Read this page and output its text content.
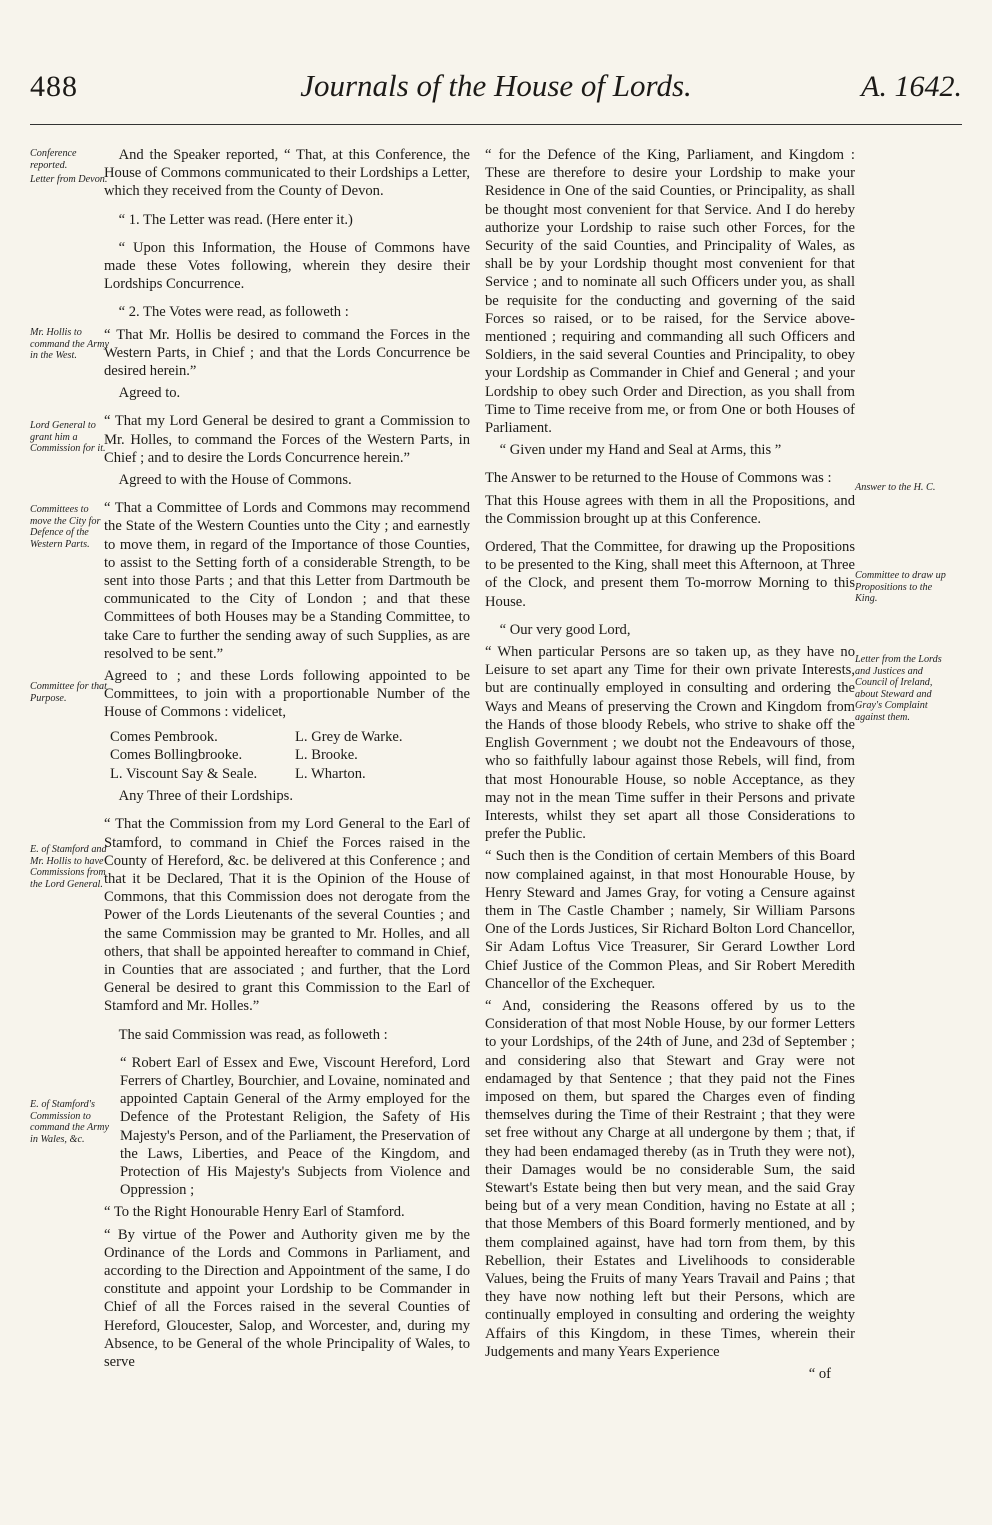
488	Journals of the House of Lords.	A. 1642.
Conference reported.
Letter from Devon.
Mr. Hollis to command the Army in the West.
Lord General to grant him a Commission for it.
Committees to move the City for Defence of the Western Parts.
Committee for that Purpose.
E. of Stamford and Mr. Hollis to have Commissions from the Lord General.
E. of Stamford's Commission to command the Army in Wales, &c.
Answer to the H. C.
Committee to draw up Propositions to the King.
Letter from the Lords and Justices and Council of Ireland, about Steward and Gray's Complaint against them.

And the Speaker reported, “ That, at this Conference, the House of Commons communicated to their Lordships a Letter, which they received from the County of Devon.

“ 1. The Letter was read. (Here enter it.)

“ Upon this Information, the House of Commons have made these Votes following, wherein they desire their Lordships Concurrence.

“ 2. The Votes were read, as followeth :

“ That Mr. Hollis be desired to command the Forces in the Western Parts, in Chief ; and that the Lords Concurrence be desired herein.”

Agreed to.

“ That my Lord General be desired to grant a Commission to Mr. Holles, to command the Forces of the Western Parts, in Chief ; and to desire the Lords Concurrence herein.”

Agreed to with the House of Commons.

“ That a Committee of Lords and Commons may recommend the State of the Western Counties unto the City ; and earnestly to move them, in regard of the Importance of those Counties, to assist to the Setting forth of a considerable Strength, to be sent into those Parts ; and that this Letter from Dartmouth be communicated to the City of London ; and that these Committees of both Houses may be a Standing Committee, to take Care to further the sending away of such Supplies, as are resolved to be sent.”

Agreed to ; and these Lords following appointed to be Committees, to join with a proportionable Number of the House of Commons : videlicet,

Comes Pembrook.
Comes Bollingbrooke.
L. Viscount Say & Seale.
L. Grey de Warke.
L. Brooke.
L. Wharton.

Any Three of their Lordships.

“ That the Commission from my Lord General to the Earl of Stamford, to command in Chief the Forces raised in the County of Hereford, &c. be delivered at this Conference ; and that it be Declared, That it is the Opinion of the House of Commons, that this Commission does not derogate from the Power of the Lords Lieutenants of the several Counties ; and the same Commission may be granted to Mr. Holles, and all others, that shall be appointed hereafter to command in Chief, in Counties that are associated ; and further, that the Lord General be desired to grant this Commission to the Earl of Stamford and Mr. Holles.”

The said Commission was read, as followeth :

“ Robert Earl of Essex and Ewe, Viscount Hereford, Lord Ferrers of Chartley, Bourchier, and Lovaine, nominated and appointed Captain General of the Army employed for the Defence of the Protestant Religion, the Safety of His Majesty's Person, and of the Parliament, the Preservation of the Laws, Liberties, and Peace of the Kingdom, and Protection of His Majesty's Subjects from Violence and Oppression ;

“ To the Right Honourable Henry Earl of Stamford.

“ By virtue of the Power and Authority given me by the Ordinance of the Lords and Commons in Parliament, and according to the Direction and Appointment of the same, I do constitute and appoint your Lordship to be Commander in Chief of all the Forces raised in the several Counties of Hereford, Gloucester, Salop, and Worcester, and, during my Absence, to be General of the whole Principality of Wales, to serve

“ for the Defence of the King, Parliament, and Kingdom : These are therefore to desire your Lordship to make your Residence in One of the said Counties, or Principality, as shall be thought most convenient for that Service. And I do hereby authorize your Lordship to raise such other Forces, for the Security of the said Counties, and Principality of Wales, as shall be by your Lordship thought most convenient for that Service ; and to nominate all such Officers under you, as shall be requisite for the conducting and governing of the said Forces so raised, or to be raised, for the Service above-mentioned ; requiring and commanding all such Officers and Soldiers, in the said several Counties and Principality, to obey your Lordship as Commander in Chief and General ; and your Lordship to obey such Order and Direction, as you shall from Time to Time receive from me, or from One or both Houses of Parliament.

“ Given under my Hand and Seal at Arms, this ”

The Answer to be returned to the House of Commons was :

That this House agrees with them in all the Propositions, and the Commission brought up at this Conference.

Ordered, That the Committee, for drawing up the Propositions to be presented to the King, shall meet this Afternoon, at Three of the Clock, and present them To-morrow Morning to this House.

“ Our very good Lord,

“ When particular Persons are so taken up, as they have no Leisure to set apart any Time for their own private Interests, but are continually employed in consulting and ordering the Ways and Means of preserving the Crown and Kingdom from the Hands of those bloody Rebels, who strive to shake off the English Government ; we doubt not the Endeavours of those, who so faithfully labour against those Rebels, will find, from that most Honourable House, so noble Acceptance, as they may not in the mean Time suffer in their Persons and private Interests, whilst they set apart all those Considerations to prefer the Public.

“ Such then is the Condition of certain Members of this Board now complained against, in that most Honourable House, by Henry Steward and James Gray, for voting a Censure against them in The Castle Chamber ; namely, Sir William Parsons One of the Lords Justices, Sir Richard Bolton Lord Chancellor, Sir Adam Loftus Vice Treasurer, Sir Gerard Lowther Lord Chief Justice of the Common Pleas, and Sir Robert Meredith Chancellor of the Exchequer.

“ And, considering the Reasons offered by us to the Consideration of that most Noble House, by our former Letters to your Lordships, of the 24th of June, and 23d of September ; and considering also that Stewart and Gray were not endamaged by that Sentence ; that they paid not the Fines imposed on them, but spared the Charges even of finding themselves during the Time of their Restraint ; that they were set free without any Charge at all undergone by them ; that, if they had been endamaged thereby (as in Truth they were not), their Damages would be no considerable Sum, the said Stewart's Estate being then but very mean, and the said Gray being but of a very mean Condition, having no Estate at all ; that those Members of this Board formerly mentioned, and by them complained against, have had torn from them, by this Rebellion, their Estates and Livelihoods to considerable Values, being the Fruits of many Years Travail and Pains ; that they have now nothing left but their Persons, which are continually employed in consulting and ordering the weighty Affairs of this Kingdom, in these Times, wherein their Judgements and many Years Experience

“ of
